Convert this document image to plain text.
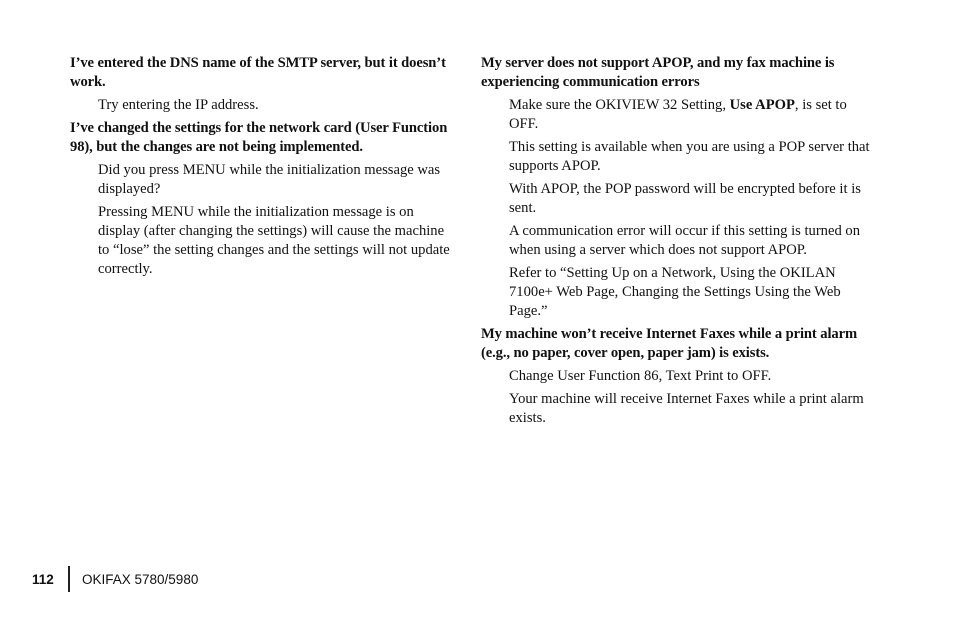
I’ve entered the DNS name of the SMTP server, but it doesn’t work.

Try entering the IP address.

I’ve changed the settings for the network card (User Function 98), but the changes are not being implemented.

Did you press MENU while the initialization message was displayed?

Pressing MENU while the initialization message is on display (after changing the settings) will cause the machine to “lose” the setting changes and the settings will not update correctly.

My server does not support APOP, and my fax machine is experiencing communication errors

Make sure the OKIVIEW 32 Setting, Use APOP, is set to OFF.

This setting is available when you are using a POP server that supports APOP.

With APOP, the POP password will be encrypted before it is sent.

A communication error will occur if this setting is turned on when using a server which does not support APOP.

Refer to “Setting Up on a Network, Using the OKILAN 7100e+ Web Page, Changing the Settings Using the Web Page.”

My machine won’t receive Internet Faxes while a print alarm (e.g., no paper, cover open, paper jam) is exists.

Change User Function 86, Text Print to OFF.

Your machine will receive Internet Faxes while a print alarm exists.

112	OKIFAX 5780/5980
